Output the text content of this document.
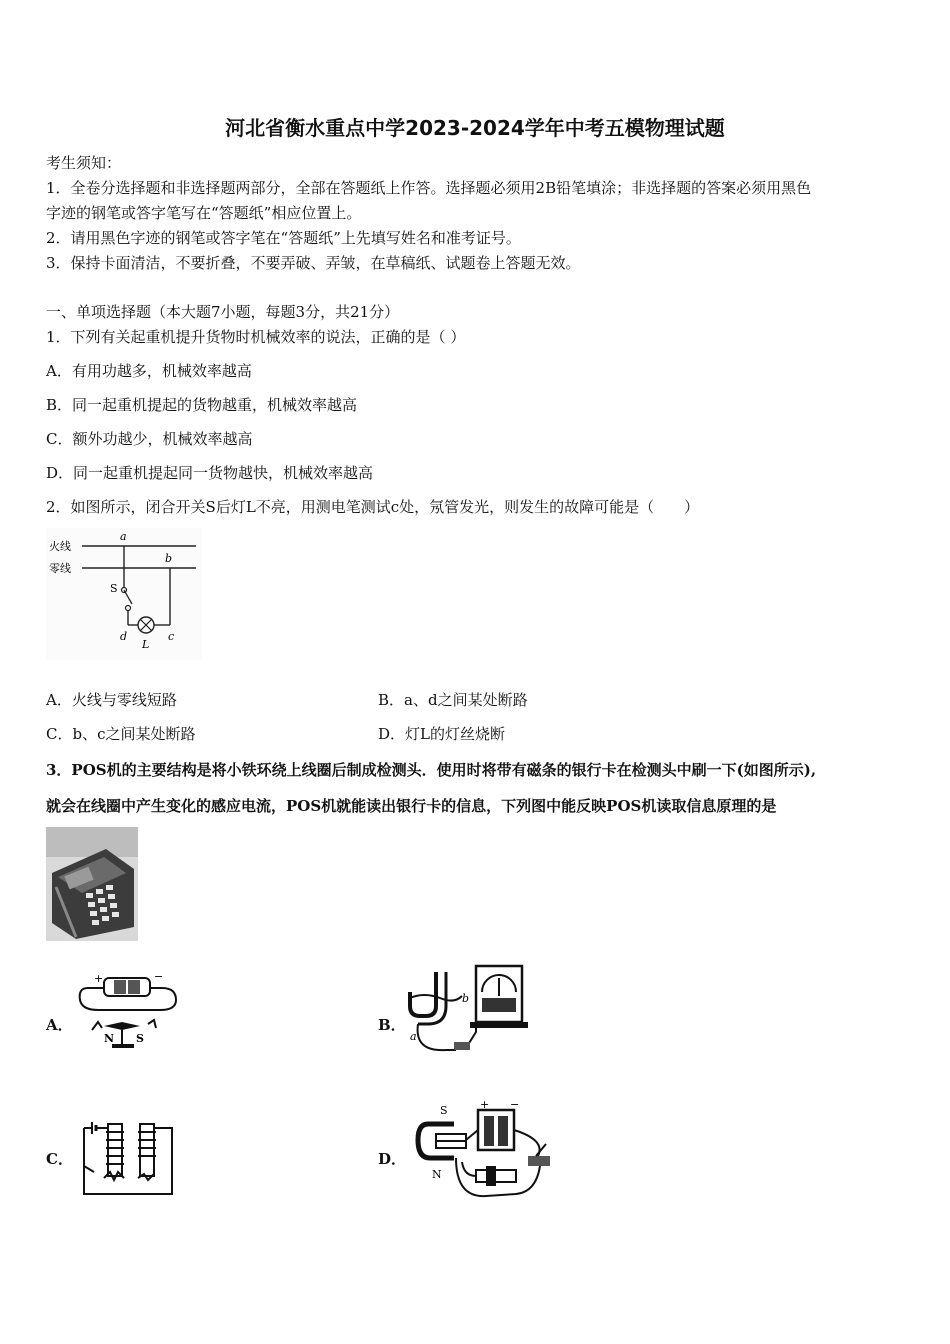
河北省衡水重点中学2023-2024学年中考五模物理试题
考生须知：
1．全卷分选择题和非选择题两部分，全部在答题纸上作答。选择题必须用2B铅笔填涂；非选择题的答案必须用黑色
字迹的钢笔或答字笔写在“答题纸”相应位置上。
2．请用黑色字迹的钢笔或答字笔在“答题纸”上先填写姓名和准考证号。
3．保持卡面清洁，不要折叠，不要弄破、弄皱，在草稿纸、试题卷上答题无效。
一、单项选择题（本大题7小题，每题3分，共21分）
1．下列有关起重机提升货物时机械效率的说法，正确的是（ ）
A．有用功越多，机械效率越高
B．同一起重机提起的货物越重，机械效率越高
C．额外功越少，机械效率越高
D．同一起重机提起同一货物越快，机械效率越高
2．如图所示，闭合开关S后灯L不亮，用测电笔测试c处，氖管发光，则发生的故障可能是（　　）
火线
零线
a
b
S
d	c
L
A．火线与零线短路	B．a、d之间某处断路
C．b、c之间某处断路	D．灯L的灯丝烧断
3．POS机的主要结构是将小铁环绕上线圈后制成检测头．使用时将带有磁条的银行卡在检测头中刷一下(如图所示),
就会在线圈中产生变化的感应电流，POS机就能读出银行卡的信息，下列图中能反映POS机读取信息原理的是
A．
+	−
N S
B．
b
a
C．	D．
S
N
+ −
